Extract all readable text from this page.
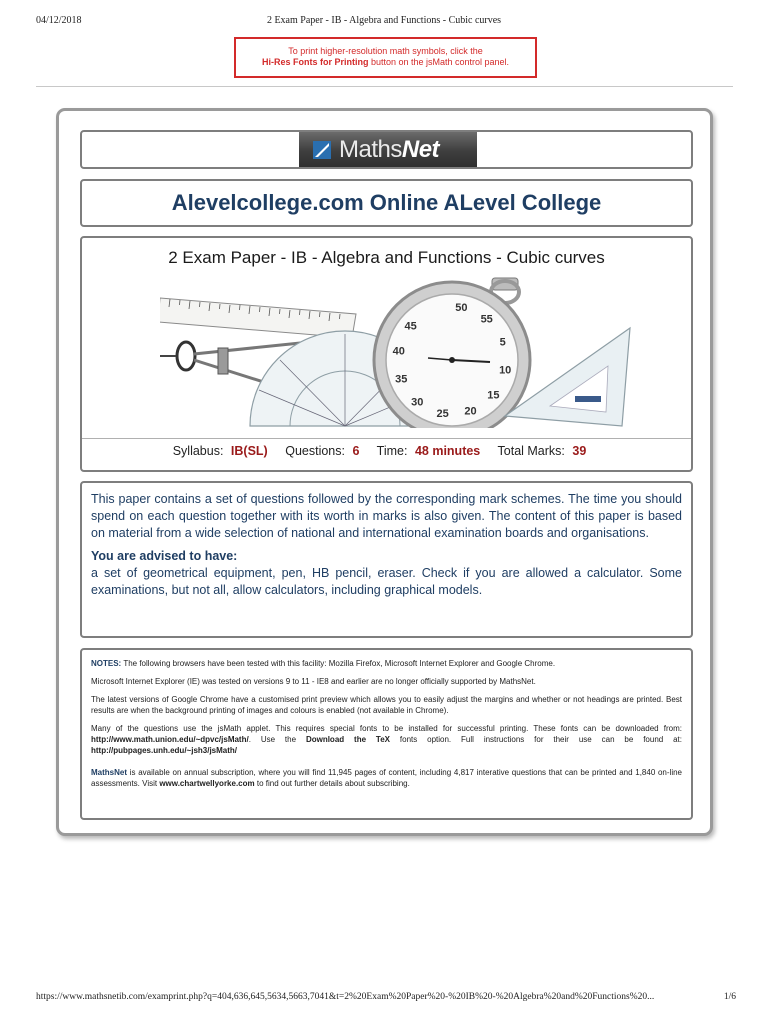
04/12/2018	2 Exam Paper - IB - Algebra and Functions - Cubic curves
To print higher-resolution math symbols, click the
Hi-Res Fonts for Printing button on the jsMath control panel.
MathsNet
Alevelcollege.com Online ALevel College
2 Exam Paper - IB - Algebra and Functions - Cubic curves
50
55
5
10
15
20
25
30
35
40
45
Syllabus: IB(SL) Questions: 6 Time: 48 minutes Total Marks: 39

This paper contains a set of questions followed by the corresponding mark schemes. The time you should spend on each question together with its worth in marks is also given. The content of this paper is based on material from a wide selection of national and international examination boards and organisations.

You are advised to have:

a set of geometrical equipment, pen, HB pencil, eraser. Check if you are allowed a calculator. Some examinations, but not all, allow calculators, including graphical models.

NOTES: The following browsers have been tested with this facility: Mozilla Firefox, Microsoft Internet Explorer and Google Chrome.

Microsoft Internet Explorer (IE) was tested on versions 9 to 11 - IE8 and earlier are no longer officially supported by MathsNet.

The latest versions of Google Chrome have a customised print preview which allows you to easily adjust the margins and whether or not headings are printed. Best results are when the background printing of images and colours is enabled (not available in Chrome).

Many of the questions use the jsMath applet. This requires special fonts to be installed for successful printing. These fonts can be downloaded from: http://www.math.union.edu/~dpvc/jsMath/. Use the Download the TeX fonts option. Full instructions for their use can be found at: http://pubpages.unh.edu/~jsh3/jsMath/

MathsNet is available on annual subscription, where you will find 11,945 pages of content, including 4,817 interative questions that can be printed and 1,840 on-line assessments. Visit www.chartwellyorke.com to find out further details about subscribing.

https://www.mathsnetib.com/examprint.php?q=404,636,645,5634,5663,7041&t=2%20Exam%20Paper%20-%20IB%20-%20Algebra%20and%20Functions%20...	1/6
